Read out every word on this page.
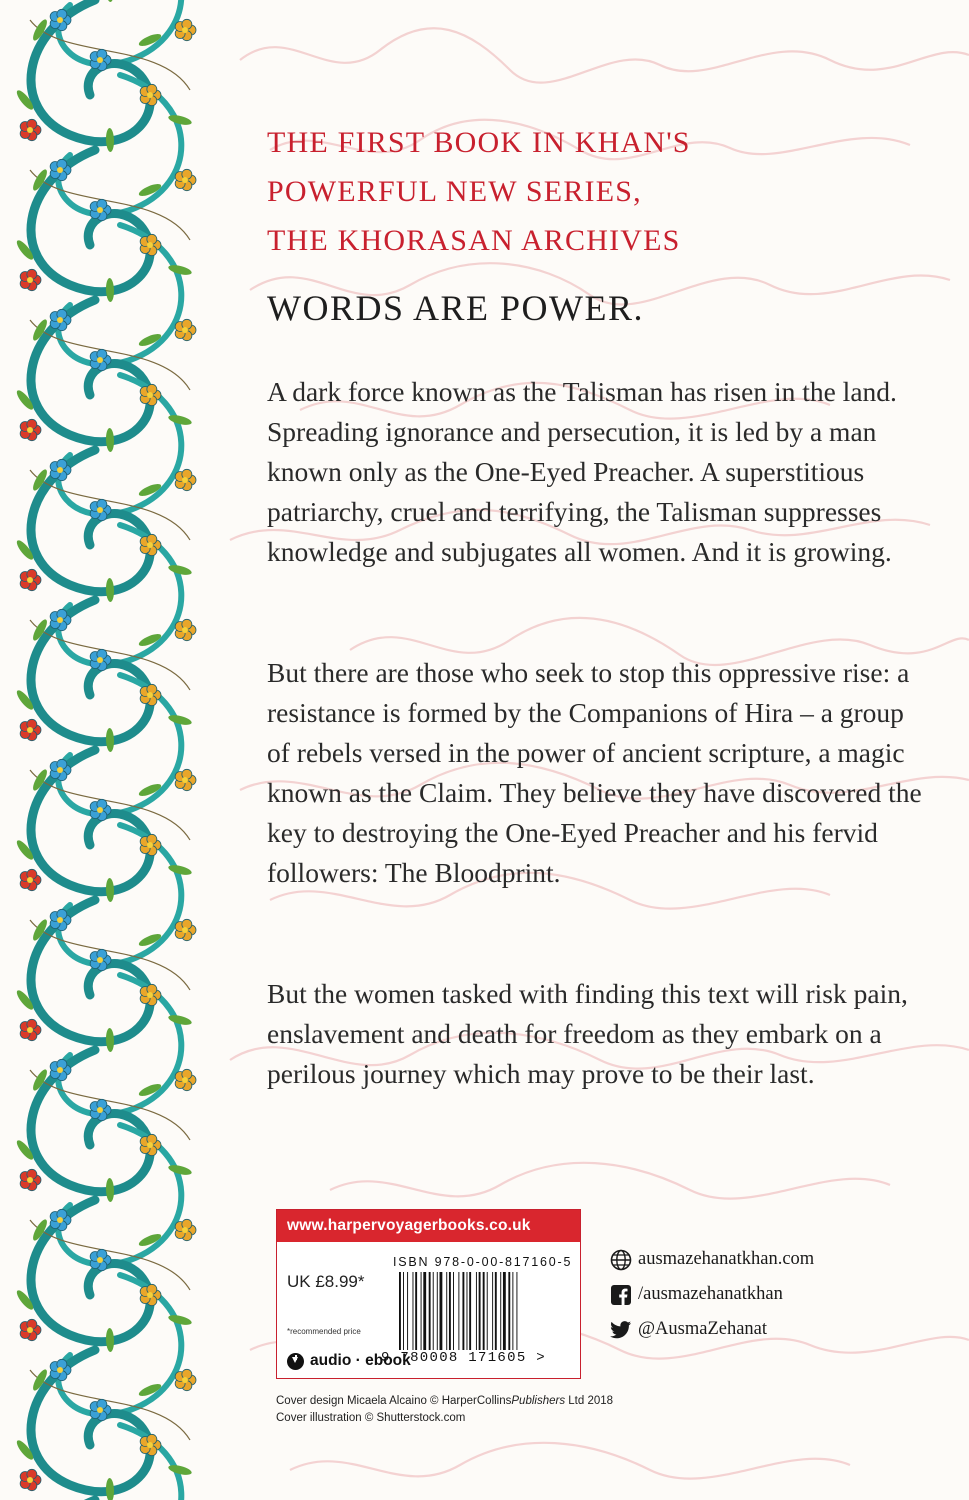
THE FIRST BOOK IN KHAN'S
POWERFUL NEW SERIES,
THE KHORASAN ARCHIVES
WORDS ARE POWER.

A dark force known as the Talisman has risen in the land. Spreading ignorance and persecution, it is led by a man known only as the One-Eyed Preacher. A superstitious patriarchy, cruel and terrifying, the Talisman suppresses knowledge and subjugates all women. And it is growing.

But there are those who seek to stop this oppressive rise: a resistance is formed by the Companions of Hira – a group of rebels versed in the power of ancient scripture, a magic known as the Claim. They believe they have discovered the key to destroying the One-Eyed Preacher and his fervid followers: The Bloodprint.

But the women tasked with finding this text will risk pain, enslavement and death for freedom as they embark on a perilous journey which may prove to be their last.

www.harpervoyagerbooks.co.uk
ISBN 978-0-00-817160-5
UK £8.99*
*recommended price
9 780008 171605 >
audio · ebook
ausmazehanatkhan.com
/ausmazehanatkhan
@AusmaZehanat
Cover design Micaela Alcaino © HarperCollinsPublishers Ltd 2018
Cover illustration © Shutterstock.com
